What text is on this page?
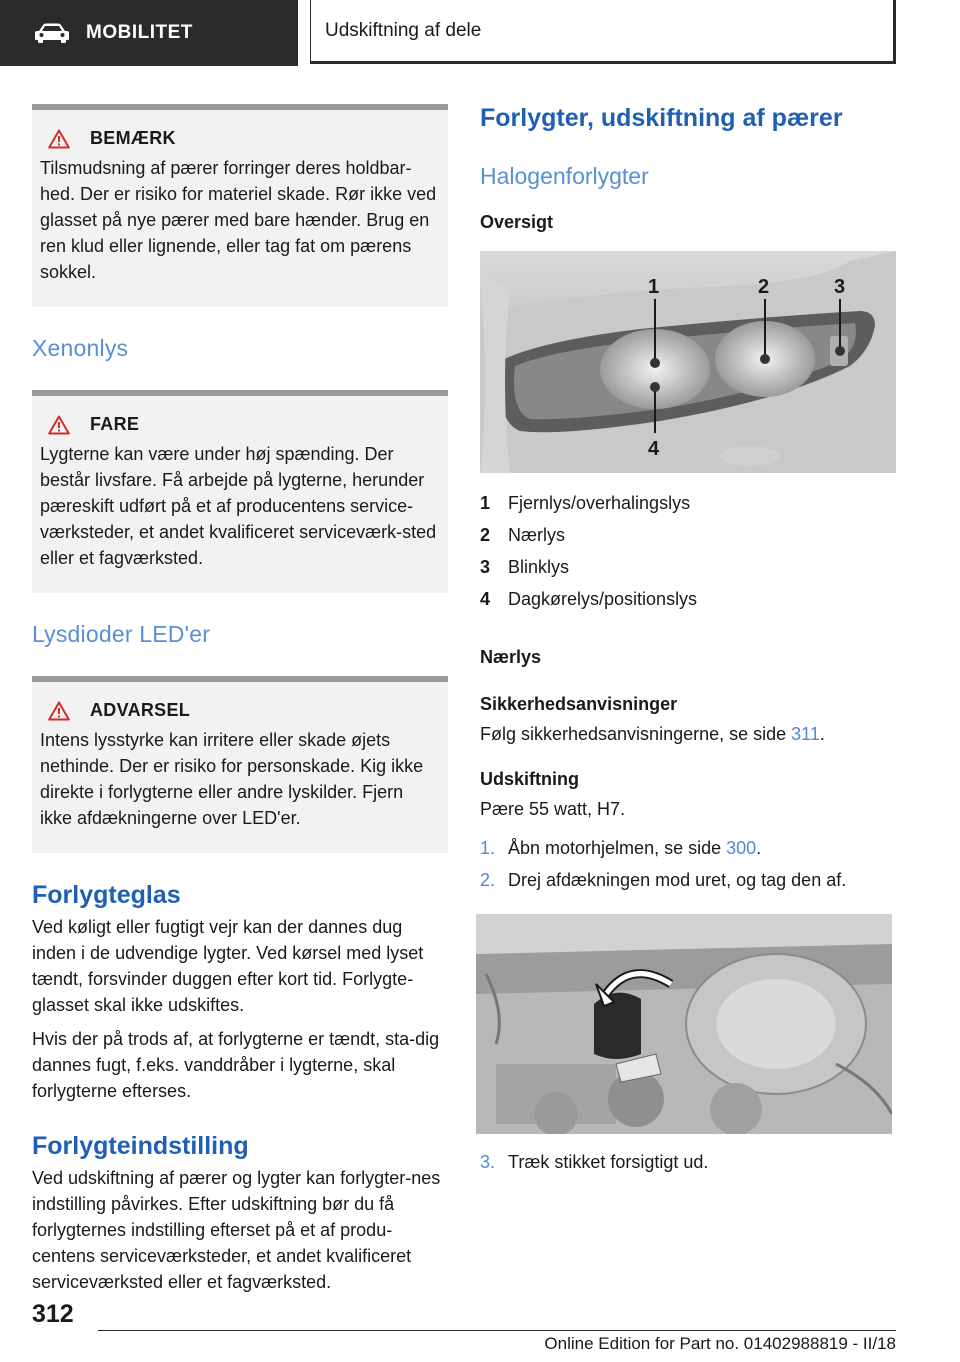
MOBILITET	Udskiftning af dele
BEMÆRK

Tilsmudsning af pærer forringer deres holdbar-hed. Der er risiko for materiel skade. Rør ikke ved glasset på nye pærer med bare hænder. Brug en ren klud eller lignende, eller tag fat om pærens sokkel.

Xenonlys
FARE

Lygterne kan være under høj spænding. Der består livsfare. Få arbejde på lygterne, herunder pæreskift udført på et af producentens service-værksteder, et andet kvalificeret serviceværk-sted eller et fagværksted.

Lysdioder LED'er
ADVARSEL

Intens lysstyrke kan irritere eller skade øjets nethinde. Der er risiko for personskade. Kig ikke direkte i forlygterne eller andre lyskilder. Fjern ikke afdækningerne over LED'er.

Forlygteglas

Ved køligt eller fugtigt vejr kan der dannes dug inden i de udvendige lygter. Ved kørsel med lyset tændt, forsvinder duggen efter kort tid. Forlygte-glasset skal ikke udskiftes.

Hvis der på trods af, at forlygterne er tændt, sta-dig dannes fugt, f.eks. vanddråber i lygterne, skal forlygterne efterses.

Forlygteindstilling

Ved udskiftning af pærer og lygter kan forlygter-nes indstilling påvirkes. Efter udskiftning bør du få forlygternes indstilling efterset på et af produ-centens serviceværksteder, et andet kvalificeret serviceværksted eller et fagværksted.

Forlygter, udskiftning af pærer
Halogenforlygter
Oversigt
1	2	3
4
1 Fjernlys/overhalingslys
2 Nærlys
3 Blinklys
4 Dagkørelys/positionslys
Nærlys
Sikkerhedsanvisninger
Følg sikkerhedsanvisningerne, se side 311.
Udskiftning
Pære 55 watt, H7.
1. Åbn motorhjelmen, se side 300.
2. Drej afdækningen mod uret, og tag den af.
3. Træk stikket forsigtigt ud.
312
Online Edition for Part no. 01402988819 - II/18
